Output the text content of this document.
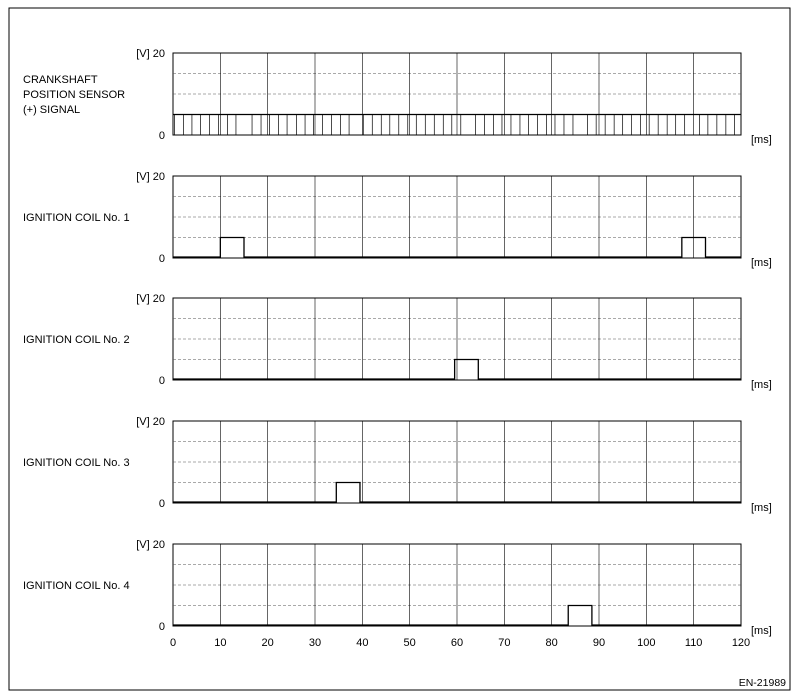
CRANKSHAFT
POSITION SENSOR
(+) SIGNAL
[V] 20
0	[ms]
IGNITION COIL No. 1
[V] 20
0	[ms]
IGNITION COIL No. 2
[V] 20
0	[ms]
IGNITION COIL No. 3
[V] 20
0	[ms]
IGNITION COIL No. 4
[V] 20
0	[ms]
0	10	20	30	40	50	60	70	80	90	100	110	120
EN-21989
